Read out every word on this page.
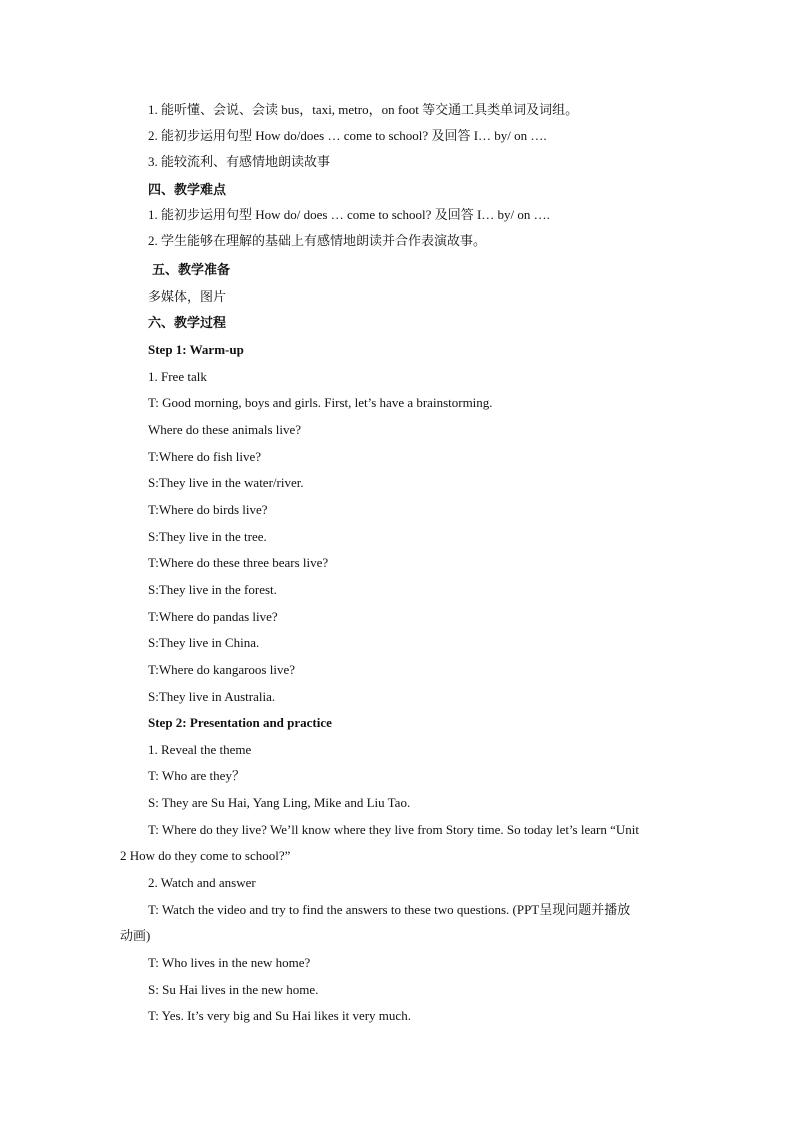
1. 能听懂、会说、会读 bus，taxi, metro，on foot 等交通工具类单词及词组。
2. 能初步运用句型 How do/does … come to school? 及回答 I… by/ on ….
3. 能较流利、有感情地朗读故事
四、教学难点
1. 能初步运用句型 How do/ does … come to school? 及回答 I… by/ on ….
2. 学生能够在理解的基础上有感情地朗读并合作表演故事。
五、教学准备
多媒体，图片
六、教学过程
Step 1: Warm-up
1. Free talk
T: Good morning, boys and girls. First, let’s have a brainstorming.
Where do these animals live?
T:Where do fish live?
S:They live in the water/river.
T:Where do birds live?
S:They live in the tree.
T:Where do these three bears live?
S:They live in the forest.
T:Where do pandas live?
S:They live in China.
T:Where do kangaroos live?
S:They live in Australia.
Step 2: Presentation and practice
1. Reveal the theme
T: Who are they？
S: They are Su Hai, Yang Ling, Mike and Liu Tao.
T: Where do they live? We’ll know where they live from Story time. So today let’s learn “Unit
2 How do they come to school?”
2. Watch and answer
T: Watch the video and try to find the answers to these two questions. (PPT呈现问题并播放
动画)
T: Who lives in the new home?
S: Su Hai lives in the new home.
T: Yes. It’s very big and Su Hai likes it very much.
